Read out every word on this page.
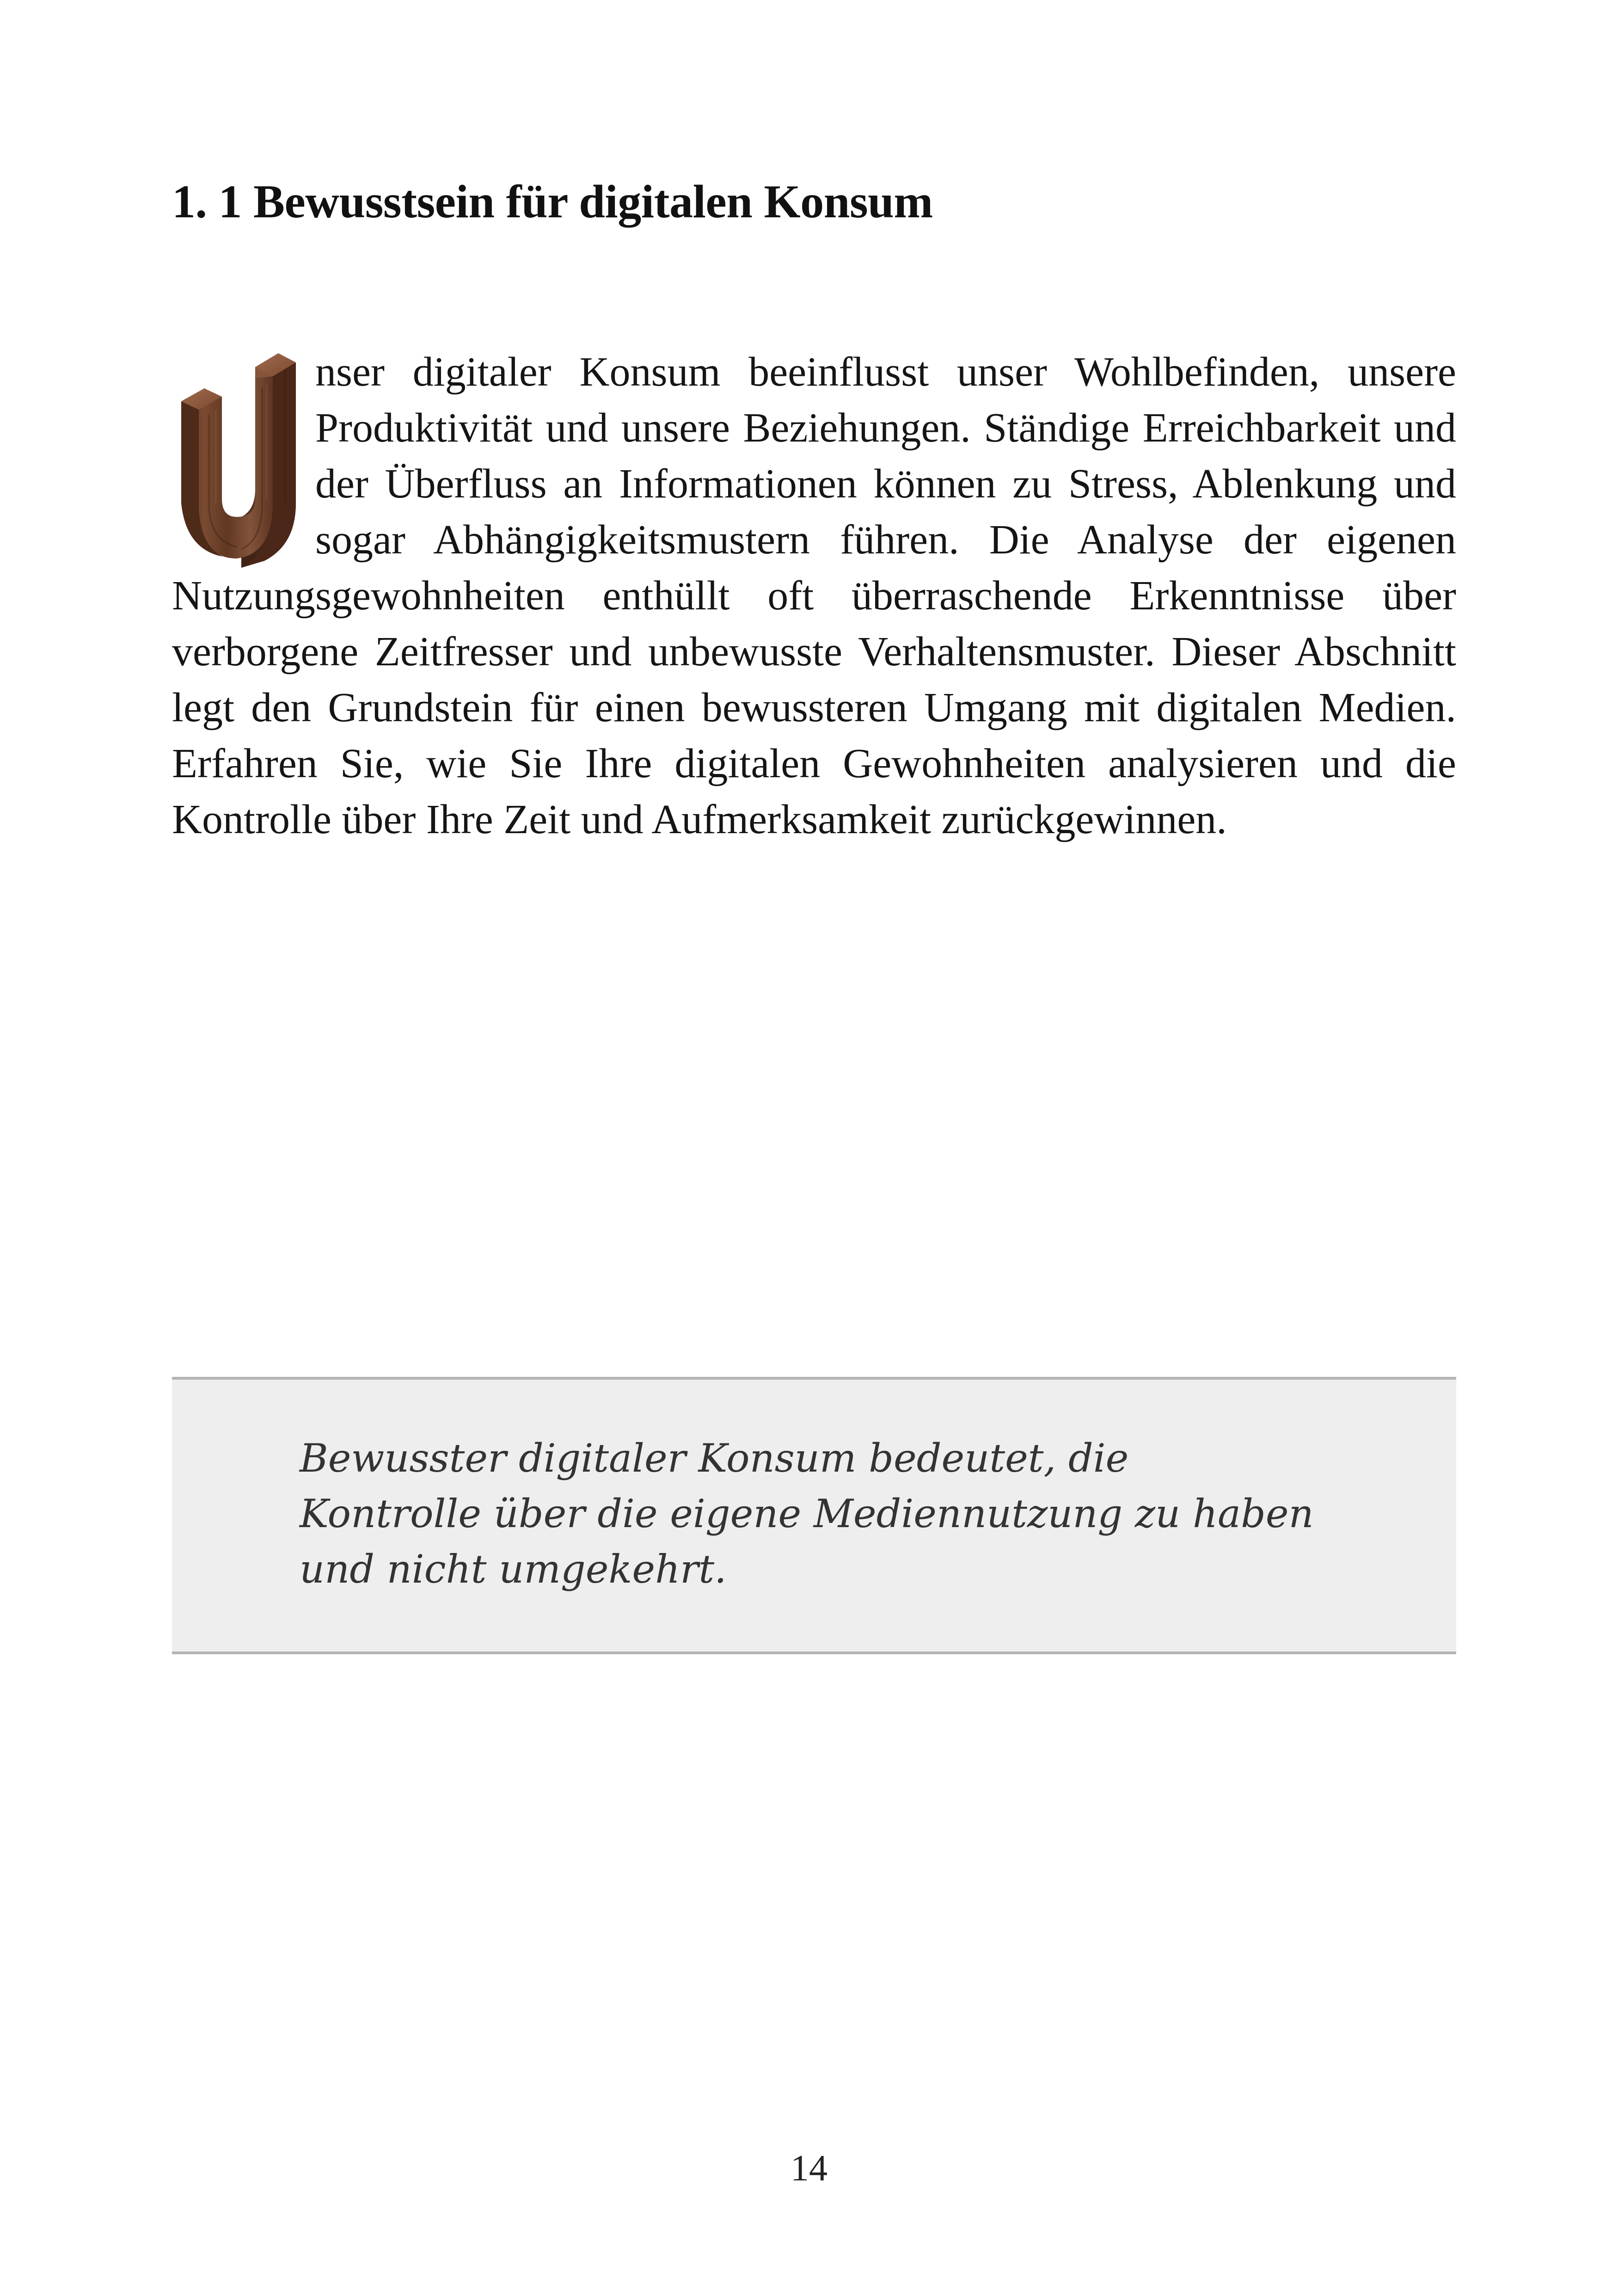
1. 1 Bewusstsein für digitalen Konsum

nser digitaler Konsum beeinflusst unser Wohlbefinden, unsere Produktivität und unsere Beziehungen. Ständige Erreichbarkeit und der Überfluss an Informationen können zu Stress, Ablenkung und sogar Abhängigkeitsmustern führen. Die Analyse der eigenen Nutzungsgewohnheiten enthüllt oft überraschende Erkenntnisse über verborgene Zeitfresser und unbewusste Verhaltensmuster. Dieser Abschnitt legt den Grundstein für einen bewussteren Umgang mit digitalen Medien. Erfahren Sie, wie Sie Ihre digitalen Gewohnheiten analysieren und die Kontrolle über Ihre Zeit und Aufmerksamkeit zurückgewinnen.

Bewusster digitaler Konsum bedeutet, die Kontrolle über die eigene Mediennutzung zu haben und nicht umgekehrt.

14
